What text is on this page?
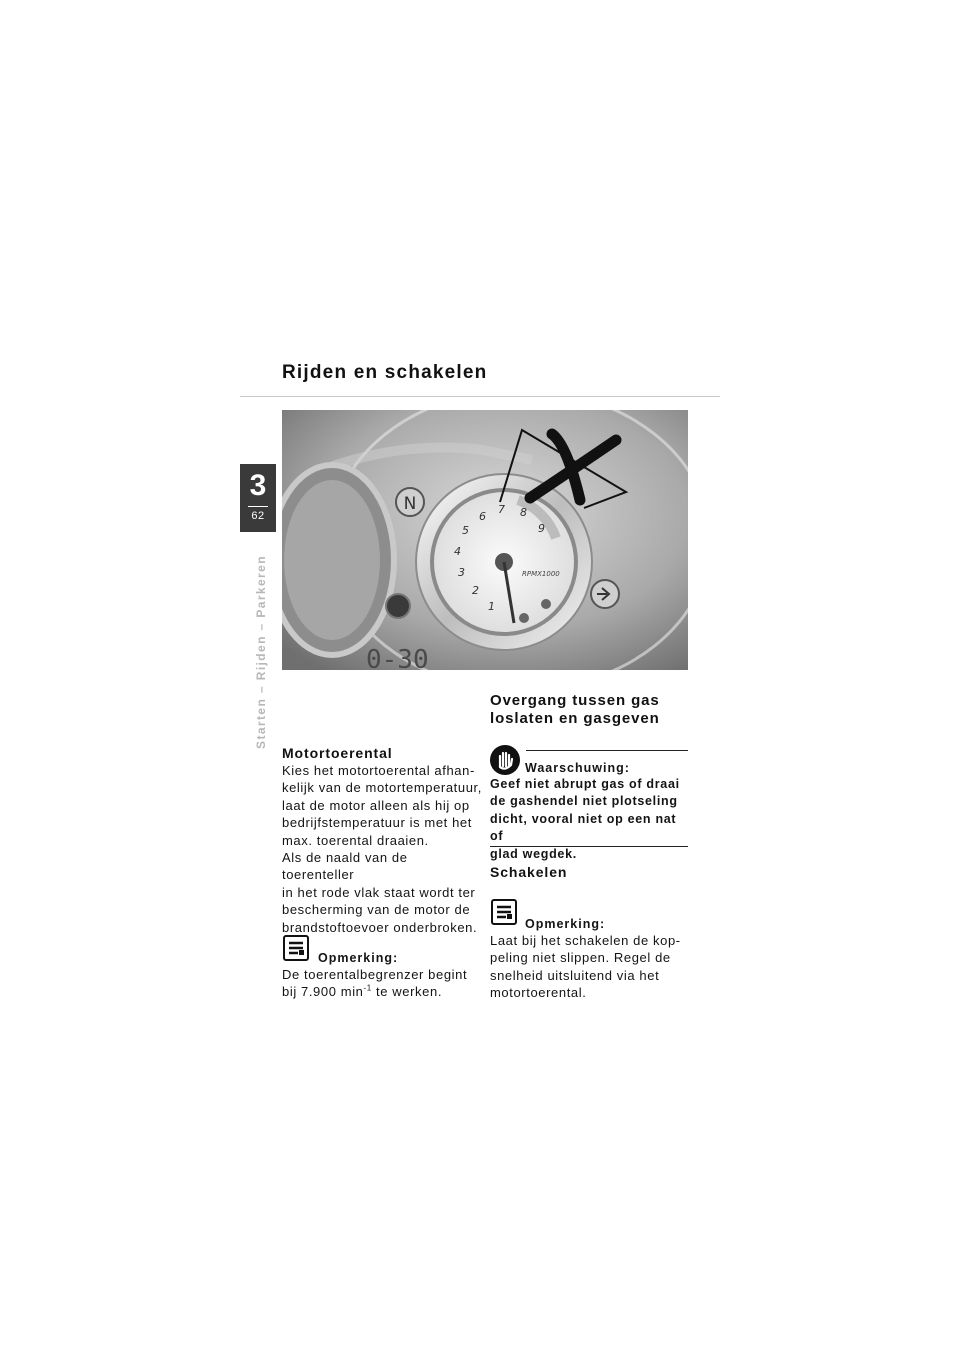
Rijden en schakelen
3
62
Starten – Rijden – Parkeren
N
1
2
3
4
5
6
7 8
9
RPMX1000
0-30
Motortoerental

Kies het motortoerental afhan-
kelijk van de motortemperatuur,
laat de motor alleen als hij op
bedrijfstemperatuur is met het
max. toerental draaien.
Als de naald van de toerenteller
in het rode vlak staat wordt ter
bescherming van de motor de
brandstoftoevoer onderbroken.

Opmerking:

De toerentalbegrenzer begint

bij 7.900 $\min^{-1}$ te werken.

Overgang tussen gas
loslaten en gasgeven
Waarschuwing:

Geef niet abrupt gas of draai
de gashendel niet plotseling
dicht, vooral niet op een nat of
glad wegdek.

Schakelen
Opmerking:

Laat bij het schakelen de kop-
peling niet slippen. Regel de
snelheid uitsluitend via het
motortoerental.
